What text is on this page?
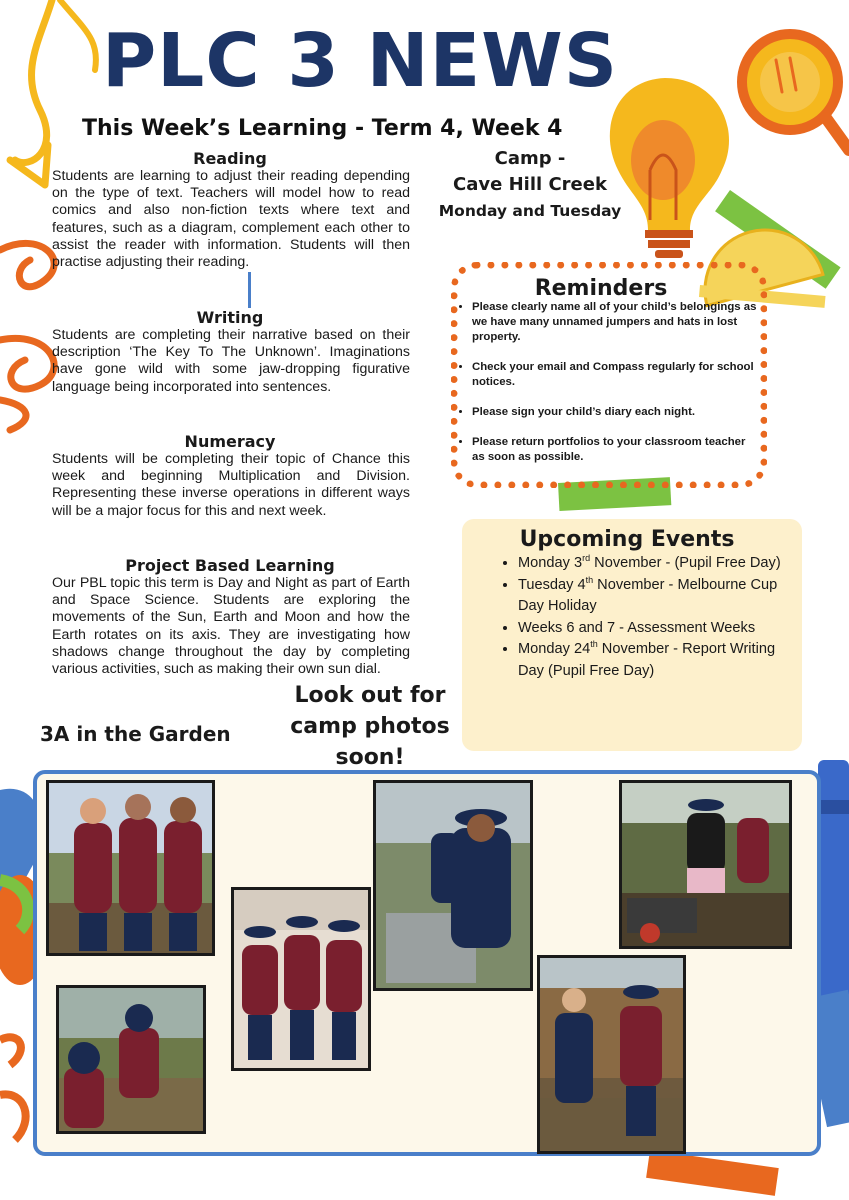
PLC 3 NEWS
This Week’s Learning - Term 4, Week 4
Reading
Students are learning to adjust their reading depending on the type of text. Teachers will model how to read comics and also non-fiction texts where text and features, such as a diagram, complement each other to assist the reader with information. Students will then practise adjusting their reading.
Writing
Students are completing their narrative based on their description ‘The Key To The Unknown’. Imaginations have gone wild with some jaw-dropping figurative language being incorporated into sentences.
Numeracy
Students will be completing their topic of Chance this week and beginning Multiplication and Division. Representing these inverse operations in different ways will be a major focus for this and next week.
Project Based Learning
Our PBL topic this term is Day and Night as part of Earth and Space Science. Students are exploring the movements of the Sun, Earth and Moon and how the Earth rotates on its axis. They are investigating how shadows change throughout the day by completing various activities, such as making their own sun dial.
Camp -
Cave Hill Creek
Monday and Tuesday
Reminders
• Please clearly name all of your child’s belongings as we have many unnamed jumpers and hats in lost property.
• Check your email and Compass regularly for school notices.
• Please sign your child’s diary each night.
• Please return portfolios to your classroom teacher as soon as possible.
Upcoming Events
• Monday 3rd November - (Pupil Free Day)
• Tuesday 4th November - Melbourne Cup Day Holiday
• Weeks 6 and 7 - Assessment Weeks
• Monday 24th November - Report Writing Day (Pupil Free Day)
Look out for camp photos soon!
3A in the Garden
